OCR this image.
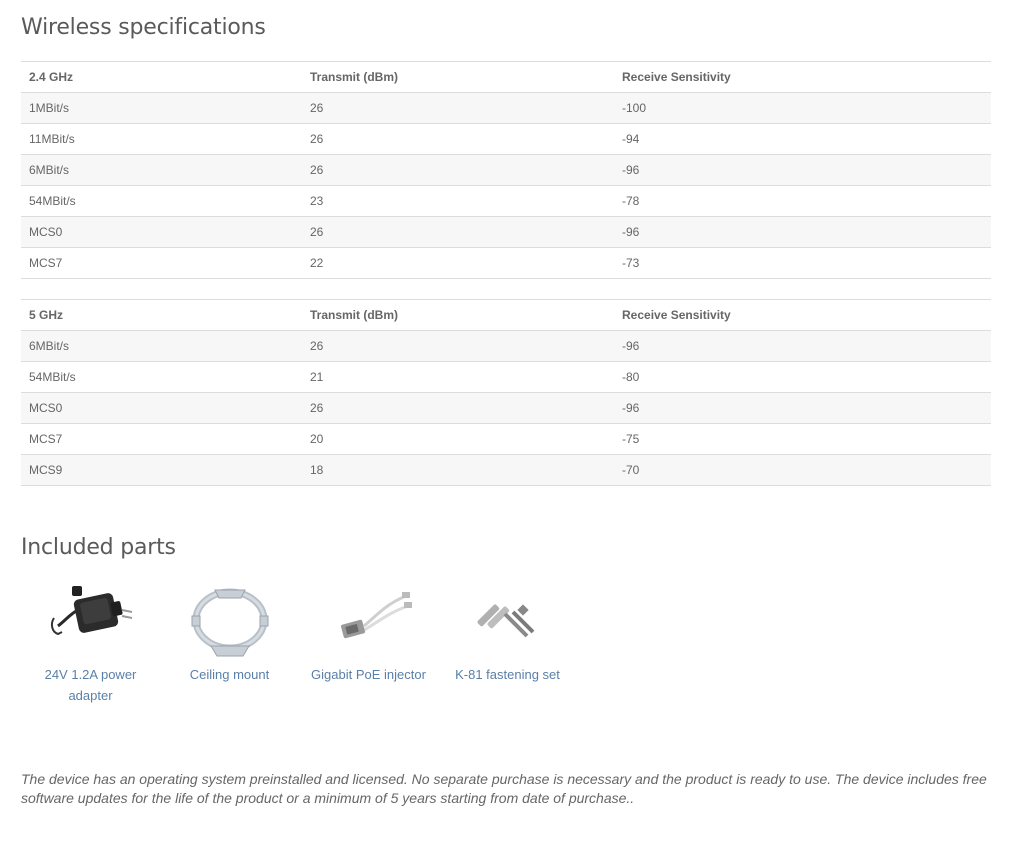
Wireless specifications
2.4 GHz	Transmit (dBm)	Receive Sensitivity
1MBit/s	26	-100
11MBit/s	26	-94
6MBit/s	26	-96
54MBit/s	23	-78
MCS0	26	-96
MCS7	22	-73
5 GHz	Transmit (dBm)	Receive Sensitivity
6MBit/s	26	-96
54MBit/s	21	-80
MCS0	26	-96
MCS7	20	-75
MCS9	18	-70
Included parts
24V 1.2A power adapter
Ceiling mount	Gigabit PoE injector	K-81 fastening set

The device has an operating system preinstalled and licensed. No separate purchase is necessary and the product is ready to use. The device includes free software updates for the life of the product or a minimum of 5 years starting from date of purchase..
